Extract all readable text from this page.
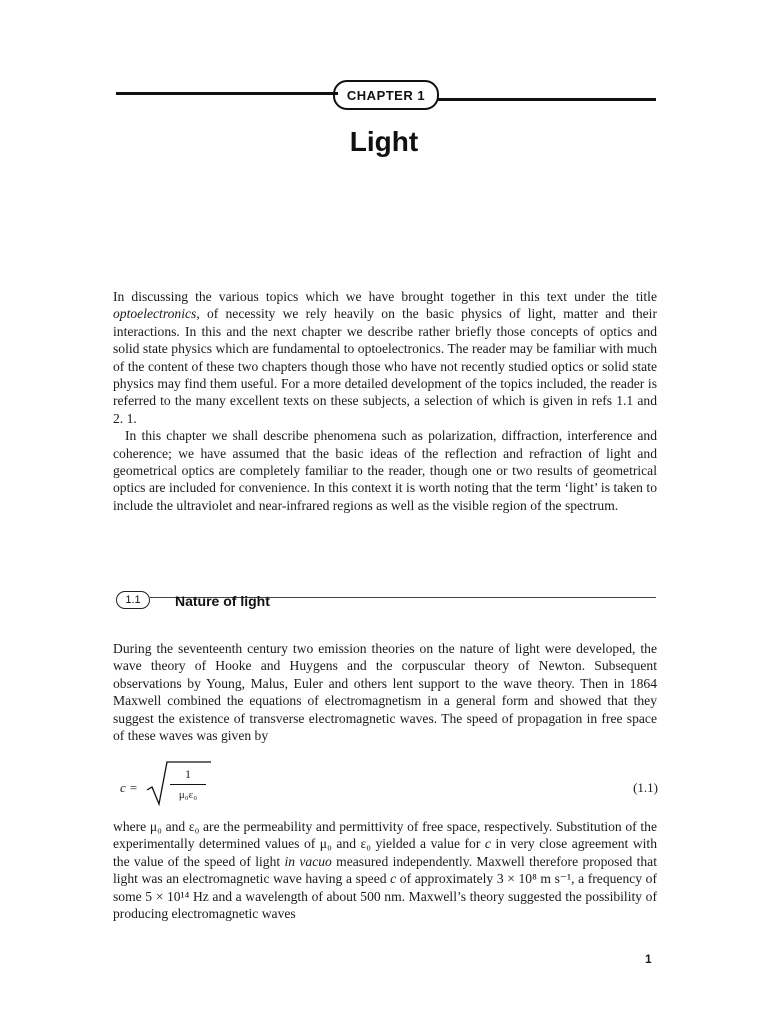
CHAPTER 1
Light

In discussing the various topics which we have brought together in this text under the title optoelectronics, of necessity we rely heavily on the basic physics of light, matter and their interactions. In this and the next chapter we describe rather briefly those concepts of optics and solid state physics which are fundamental to optoelectronics. The reader may be familiar with much of the content of these two chapters though those who have not recently studied optics or solid state physics may find them useful. For a more detailed development of the topics included, the reader is referred to the many excellent texts on these subjects, a selection of which is given in refs 1.1 and 2. 1.

In this chapter we shall describe phenomena such as polarization, diffraction, interference and coherence; we have assumed that the basic ideas of the reflection and refraction of light and geometrical optics are completely familiar to the reader, though one or two results of geometrical optics are included for convenience. In this context it is worth noting that the term ‘light’ is taken to include the ultraviolet and near-infrared regions as well as the visible region of the spectrum.

1.1	Nature of light

During the seventeenth century two emission theories on the nature of light were developed, the wave theory of Hooke and Huygens and the corpuscular theory of Newton. Subsequent observations by Young, Malus, Euler and others lent support to the wave theory. Then in 1864 Maxwell combined the equations of electromagnetism in a general form and showed that they suggest the existence of transverse electromagnetic waves. The speed of propagation in free space of these waves was given by

c =
1
μ₀ε₀	(1.1)

where μ₀ and ε₀ are the permeability and permittivity of free space, respectively. Substitution of the experimentally determined values of μ₀ and ε₀ yielded a value for c in very close agreement with the value of the speed of light in vacuo measured independently. Maxwell therefore proposed that light was an electromagnetic wave having a speed c of approximately 3 × 10⁸ m s⁻¹, a frequency of some 5 × 10¹⁴ Hz and a wavelength of about 500 nm. Maxwell’s theory suggested the possibility of producing electromagnetic waves

1
